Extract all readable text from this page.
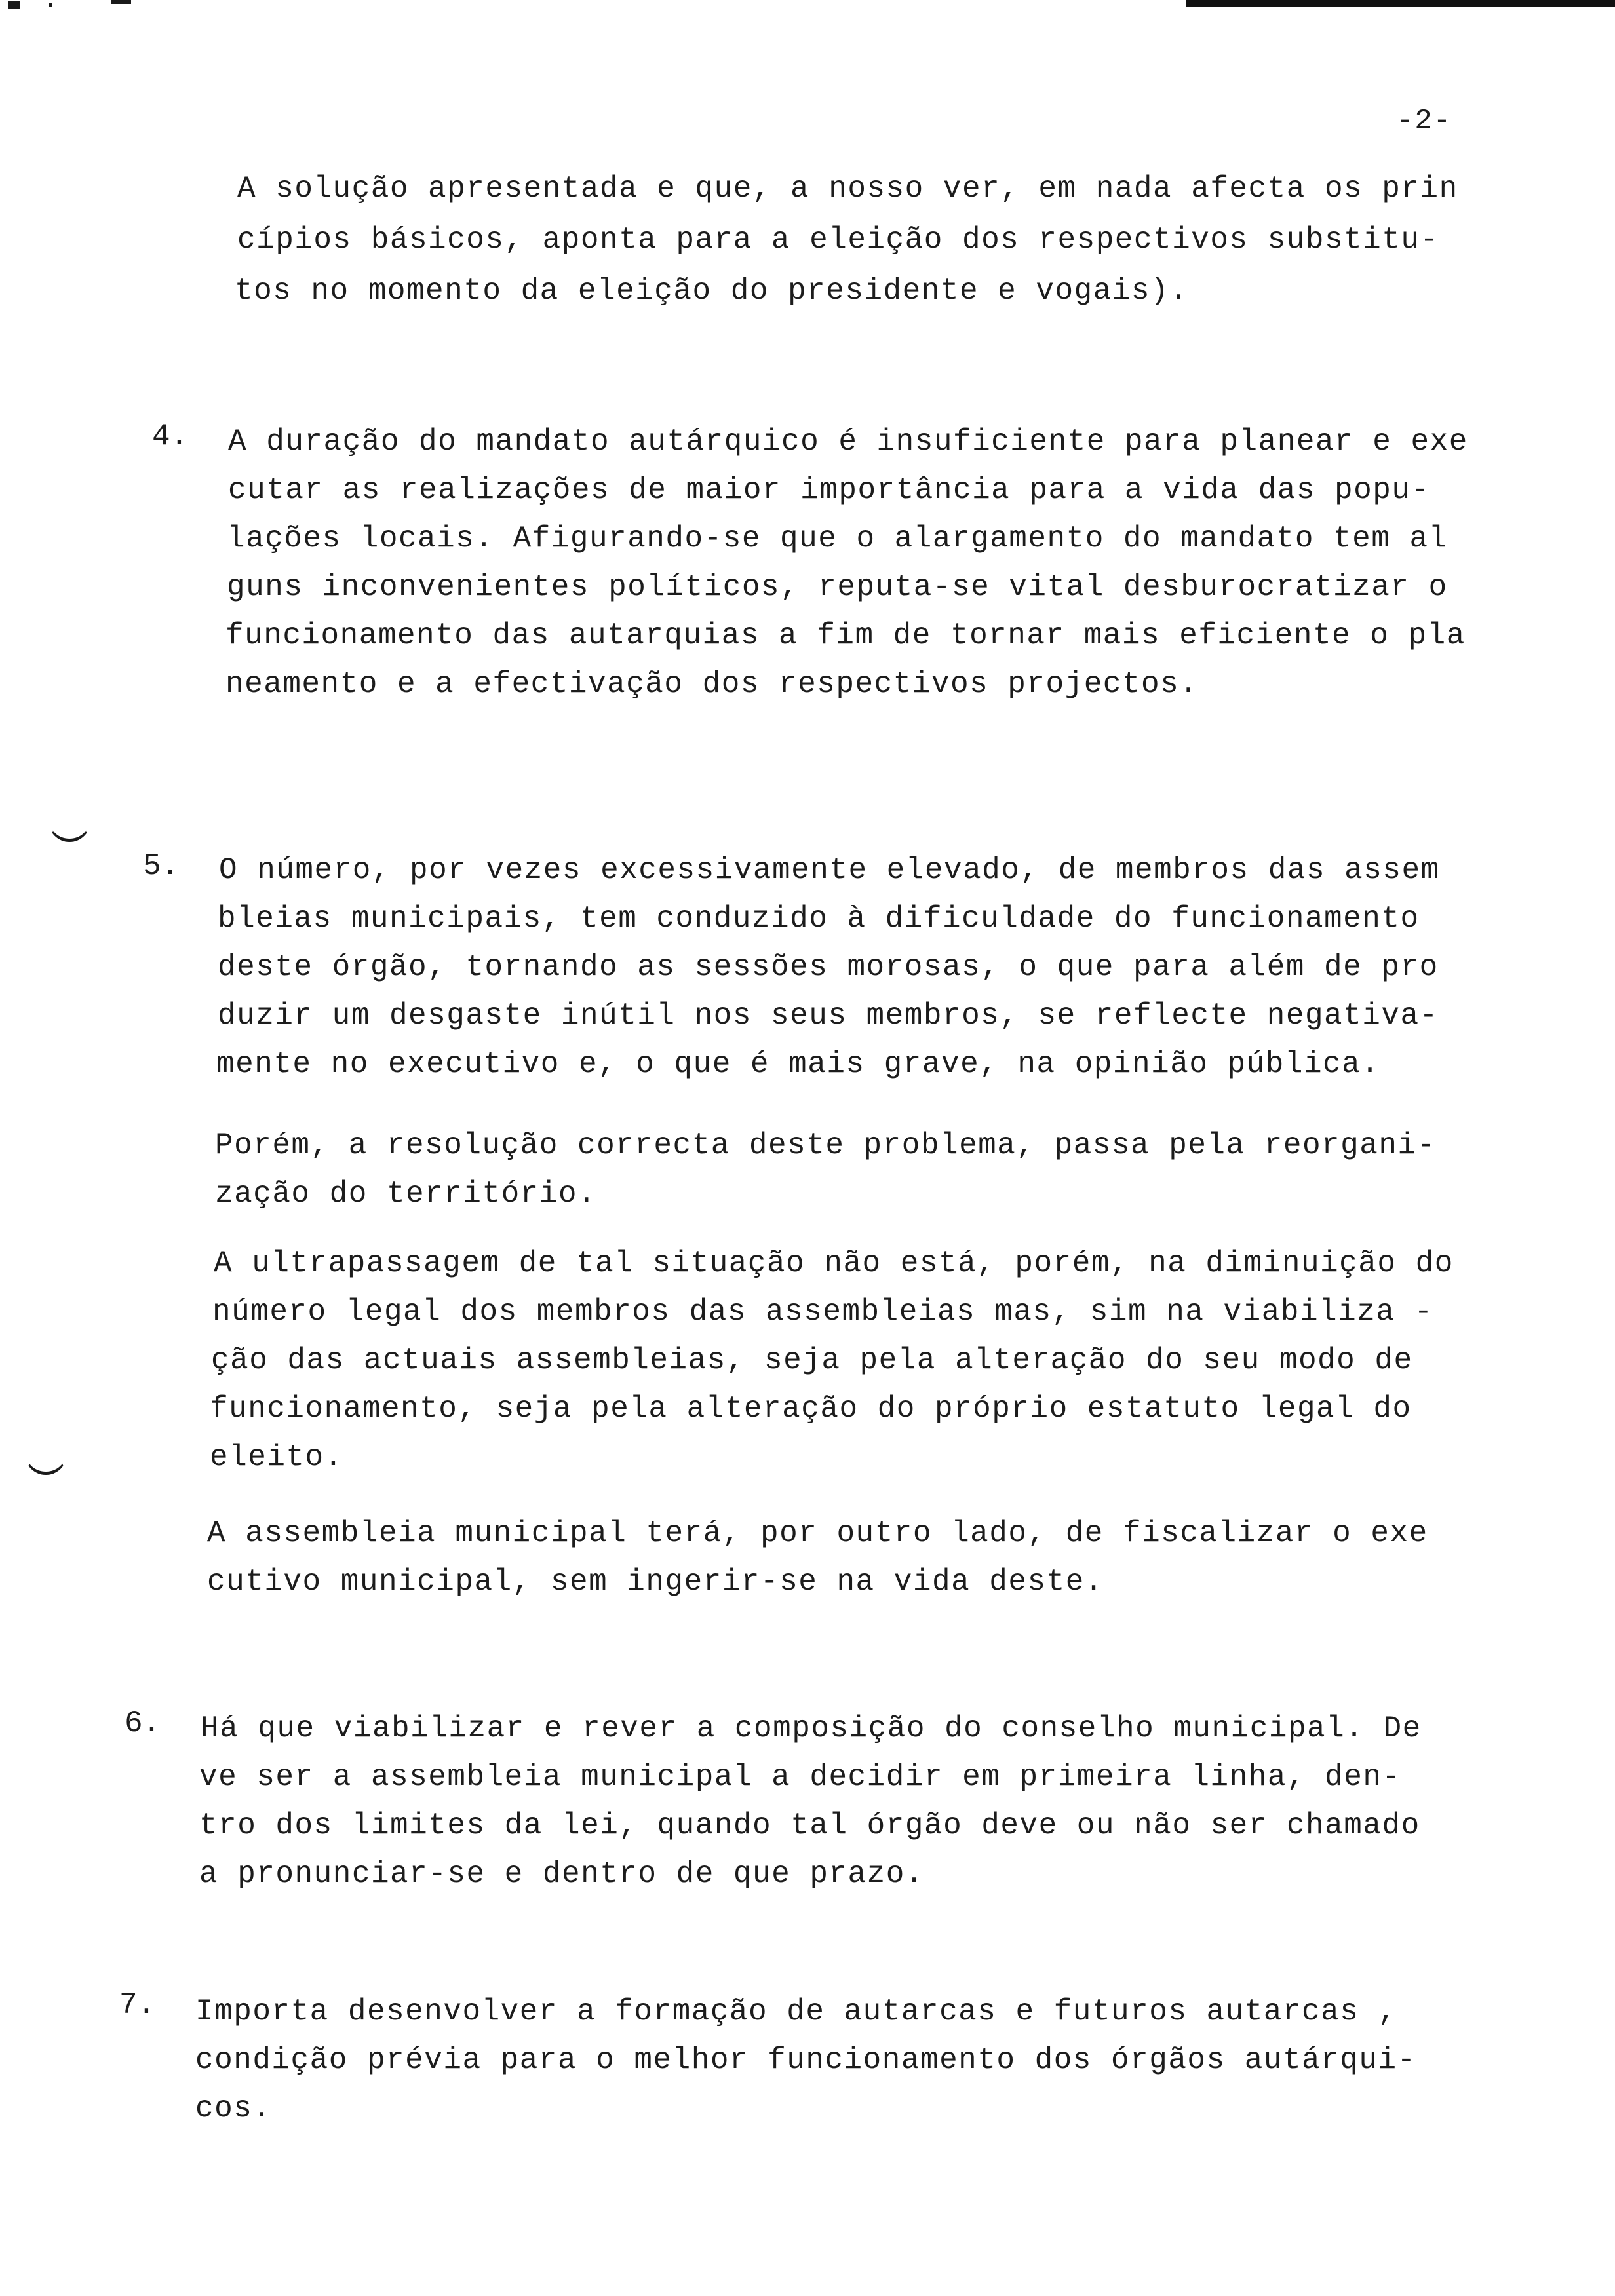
-2-
A solução apresentada e que, a nosso ver, em nada afecta os prin
cípios básicos, aponta para a eleição dos respectivos substitu-
tos no momento da eleição do presidente e vogais).
4. A duração do mandato autárquico é insuficiente para planear e exe
cutar as realizações de maior importância para a vida das popu-
lações locais. Afigurando-se que o alargamento do mandato tem al
guns inconvenientes políticos, reputa-se vital desburocratizar o
funcionamento das autarquias a fim de tornar mais eficiente o pla
neamento e a efectivação dos respectivos projectos.
5. O número, por vezes excessivamente elevado, de membros das assem
bleias municipais, tem conduzido à dificuldade do funcionamento
deste órgão, tornando as sessões morosas, o que para além de pro
duzir um desgaste inútil nos seus membros, se reflecte negativa-
mente no executivo e, o que é mais grave, na opinião pública.
Porém, a resolução correcta deste problema, passa pela reorgani-
zação do território.
A ultrapassagem de tal situação não está, porém, na diminuição do
número legal dos membros das assembleias mas, sim na viabiliza -
ção das actuais assembleias, seja pela alteração do seu modo de
funcionamento, seja pela alteração do próprio estatuto legal do
eleito.
A assembleia municipal terá, por outro lado, de fiscalizar o exe
cutivo municipal, sem ingerir-se na vida deste.
6. Há que viabilizar e rever a composição do conselho municipal. De
ve ser a assembleia municipal a decidir em primeira linha, den-
tro dos limites da lei, quando tal órgão deve ou não ser chamado
a pronunciar-se e dentro de que prazo.
7. Importa desenvolver a formação de autarcas e futuros autarcas ,
condição prévia para o melhor funcionamento dos órgãos autárqui-
cos.
